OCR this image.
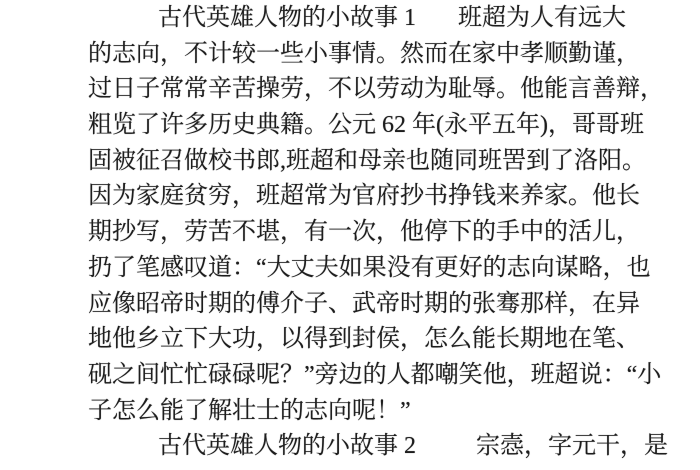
古代英雄人物的小故事 1 班超为人有远大
的志向，不计较一些小事情。然而在家中孝顺勤谨，
过日子常常辛苦操劳，不以劳动为耻辱。他能言善辩，
粗览了许多历史典籍。公元 62 年(永平五年)，哥哥班
固被征召做校书郎,班超和母亲也随同班罟到了洛阳。
因为家庭贫穷，班超常为官府抄书挣钱来养家。他长
期抄写，劳苦不堪，有一次，他停下的手中的活儿，
扔了笔感叹道：“大丈夫如果没有更好的志向谋略，也
应像昭帝时期的傅介子、武帝时期的张骞那样，在异
地他乡立下大功，以得到封侯，怎么能长期地在笔、
砚之间忙忙碌碌呢？”旁边的人都嘲笑他，班超说：“小
子怎么能了解壮士的志向呢！”
古代英雄人物的小故事 2	宗悫，字元干，是
